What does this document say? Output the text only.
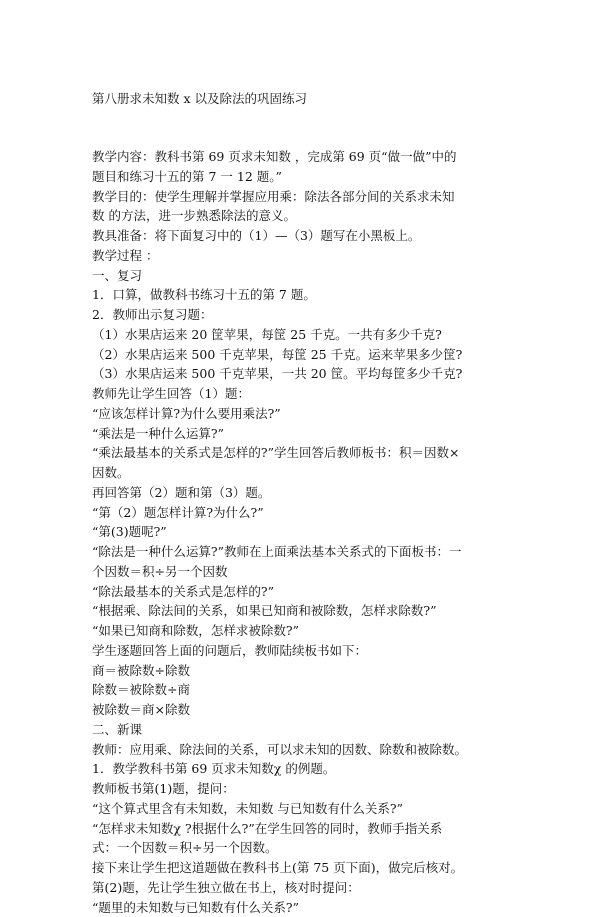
第八册求未知数 x 以及除法的巩固练习
教学内容：教科书第 69 页求未知数 ，完成第 69 页“做一做”中的
题目和练习十五的第 7 一 12 题。”
教学目的：使学生理解并掌握应用乘：除法各部分间的关系求未知
数 的方法，进一步熟悉除法的意义。
教具准备：将下面复习中的（1）—（3）题写在小黑板上。
教学过程 ：
一、复习
1．口算，做教科书练习十五的第 7 题。
2．教师出示复习题：
（1）水果店运来 20 筐苹果，每筐 25 千克。一共有多少千克?
（2）水果店运来 500 千克苹果，每筐 25 千克。运来苹果多少筐?
（3）水果店运来 500 千克苹果，一共 20 筐。平均每筐多少千克?
教师先让学生回答（1）题：
“应该怎样计算?为什么要用乘法?”
“乘法是一种什么运算?”
“乘法最基本的关系式是怎样的?”学生回答后教师板书：积＝因数×
因数。
再回答第（2）题和第（3）题。
“第（2）题怎样计算?为什么?”
“第(3)题呢?”
“除法是一种什么运算?”教师在上面乘法基本关系式的下面板书：一
个因数＝积÷另一个因数
“除法最基本的关系式是怎样的?”
“根据乘、除法间的关系，如果已知商和被除数，怎样求除数?”
“如果已知商和除数，怎样求被除数?”
学生逐题回答上面的问题后，教师陆续板书如下：
商＝被除数÷除数
除数＝被除数÷商
被除数＝商×除数
二、新课
教师：应用乘、除法间的关系，可以求未知的因数、除数和被除数。
1．教学教科书第 69 页求未知数χ 的例题。
教师板书第(1)题，提问：
“这个算式里含有未知数，未知数 与已知数有什么关系?”
“怎样求未知数χ ?根据什么?”在学生回答的同时，教师手指关系
式：一个因数＝积÷另一个因数。
接下来让学生把这道题做在教科书上(第 75 页下面)，做完后核对。
第(2)题，先让学生独立做在书上，核对时提问：
“题里的未知数与已知数有什么关系?”
